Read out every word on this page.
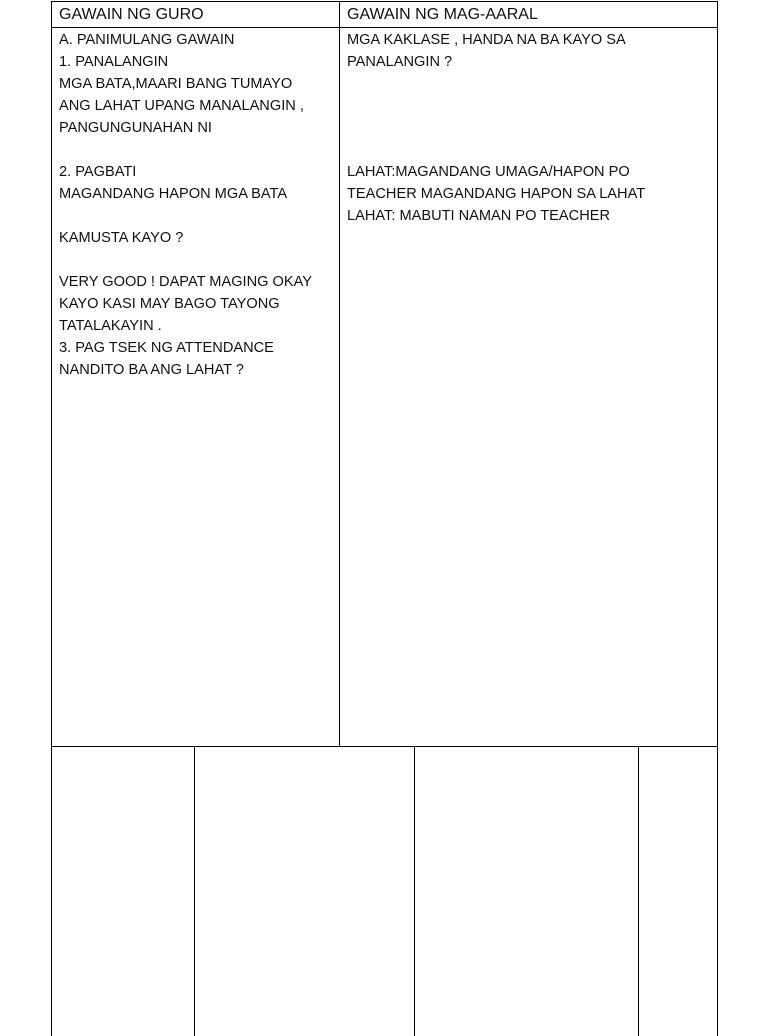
GAWAIN NG GURO	GAWAIN NG MAG-AARAL
A. PANIMULANG GAWAIN
1. PANALANGIN
MGA BATA,MAARI BANG TUMAYO
ANG LAHAT UPANG MANALANGIN ,
PANGUNGUNAHAN NI
2. PAGBATI
MAGANDANG HAPON MGA BATA
KAMUSTA KAYO ?
VERY GOOD ! DAPAT MAGING OKAY
KAYO KASI MAY BAGO TAYONG
TATALAKAYIN .
3. PAG TSEK NG ATTENDANCE
NANDITO BA ANG LAHAT ?
MGA KAKLASE , HANDA NA BA KAYO SA
PANALANGIN ?
LAHAT:MAGANDANG UMAGA/HAPON PO
TEACHER MAGANDANG HAPON SA LAHAT
LAHAT: MABUTI NAMAN PO TEACHER
